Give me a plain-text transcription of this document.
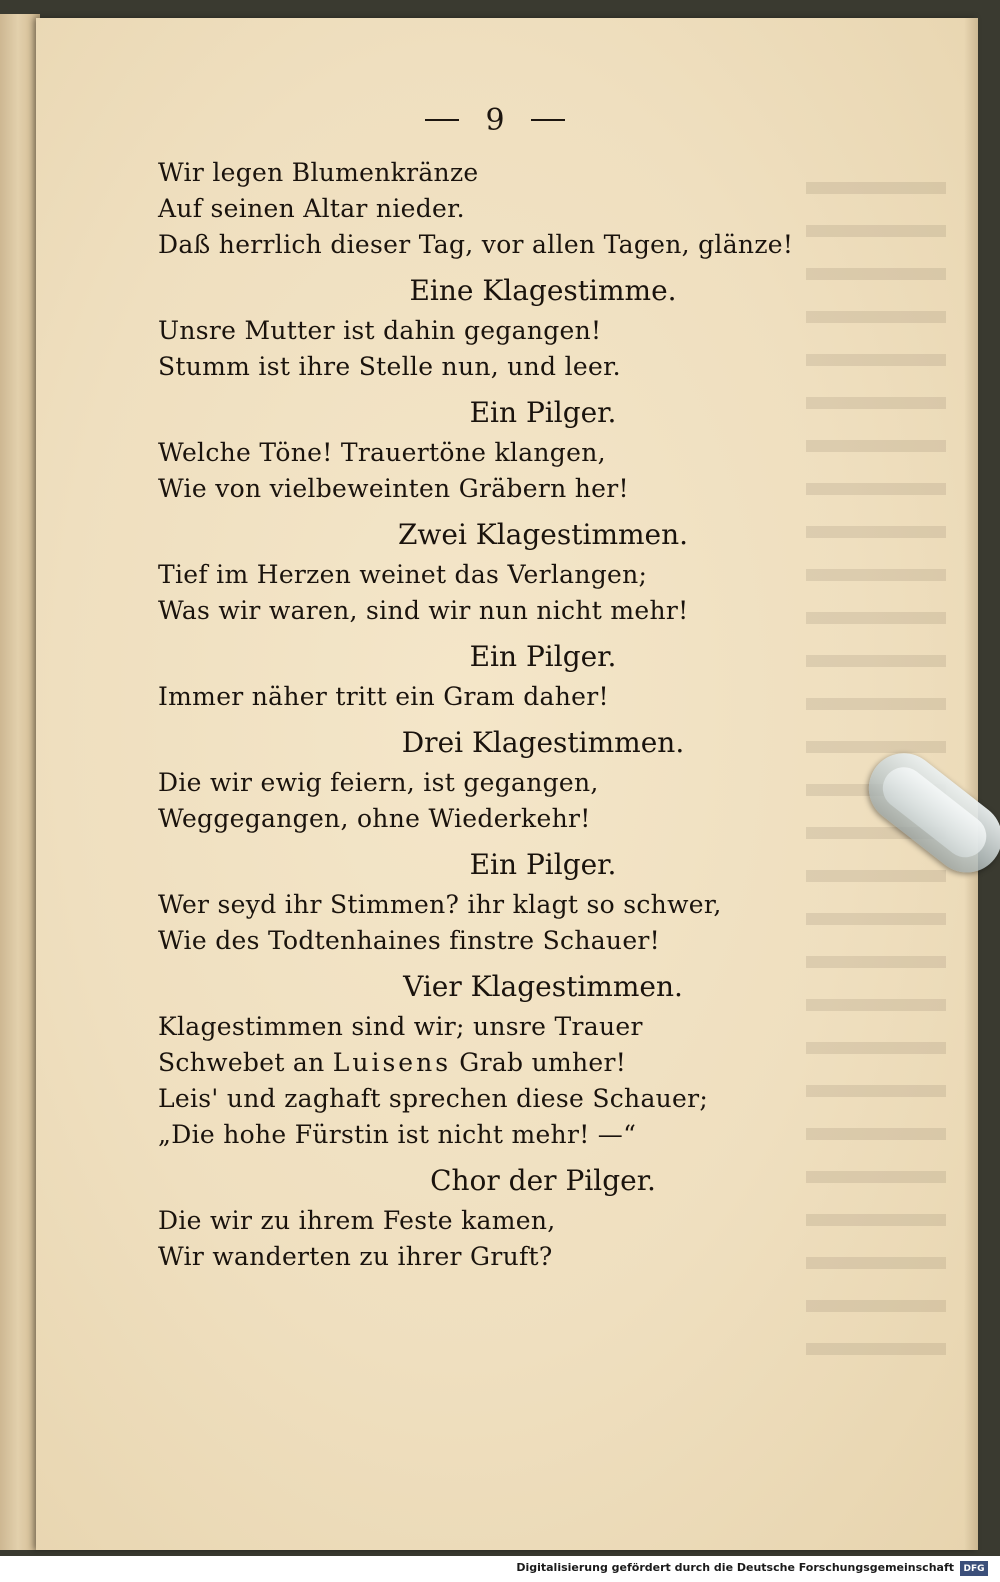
9
Wir legen Blumenkränze
Auf seinen Altar nieder.
Daß herrlich dieser Tag, vor allen Tagen, glänze!
Eine Klagestimme.
Unsre Mutter ist dahin gegangen!
Stumm ist ihre Stelle nun, und leer.
Ein Pilger.
Welche Töne! Trauertöne klangen,
Wie von vielbeweinten Gräbern her!
Zwei Klagestimmen.
Tief im Herzen weinet das Verlangen;
Was wir waren, sind wir nun nicht mehr!
Ein Pilger.
Immer näher tritt ein Gram daher!
Drei Klagestimmen.
Die wir ewig feiern, ist gegangen,
Weggegangen, ohne Wiederkehr!
Ein Pilger.
Wer seyd ihr Stimmen? ihr klagt so schwer,
Wie des Todtenhaines finstre Schauer!
Vier Klagestimmen.
Klagestimmen sind wir; unsre Trauer
Schwebet an Luisens Grab umher!
Leis' und zaghaft sprechen diese Schauer;
„Die hohe Fürstin ist nicht mehr! —“
Chor der Pilger.
Die wir zu ihrem Feste kamen,
Wir wanderten zu ihrer Gruft?
Digitalisierung gefördert durch die Deutsche Forschungsgemeinschaft	DFG
